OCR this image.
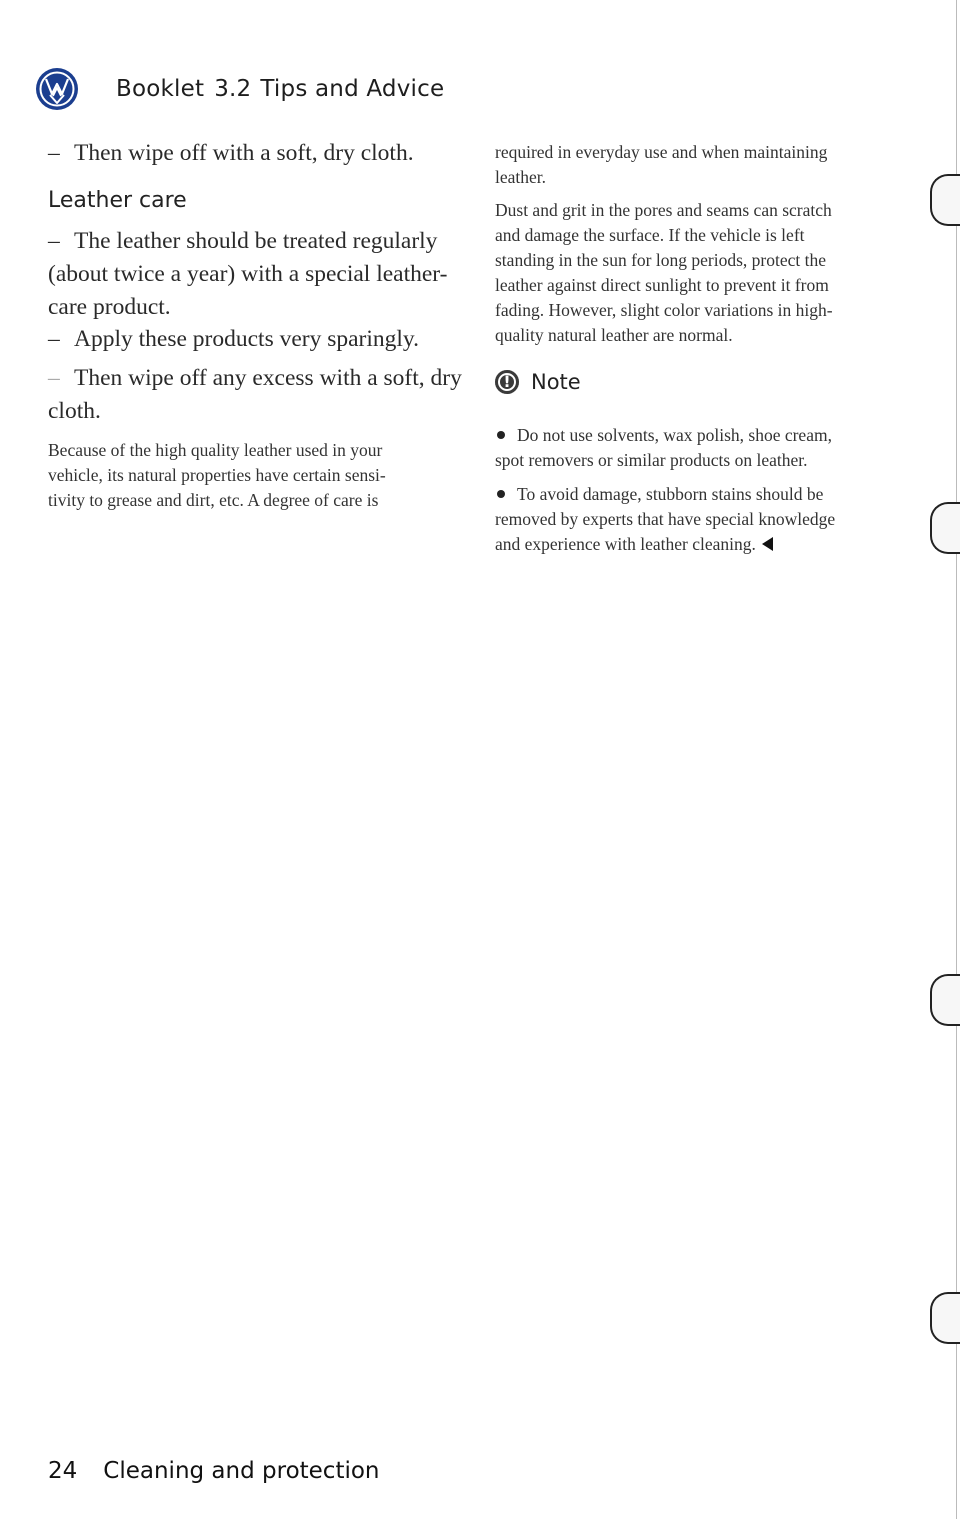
Booklet 3.2 Tips and Advice

– Then wipe off with a soft, dry cloth.

Leather care

– The leather should be treated regularly

(about twice a year) with a special leather-

care product.

– Apply these products very sparingly.

– Then wipe off any excess with a soft, dry

cloth.

Because of the high quality leather used in your

vehicle, its natural properties have certain sensi-

tivity to grease and dirt, etc. A degree of care is

required in everyday use and when maintaining

leather.

Dust and grit in the pores and seams can scratch

and damage the surface. If the vehicle is left

standing in the sun for long periods, protect the

leather against direct sunlight to prevent it from

fading. However, slight color variations in high-

quality natural leather are normal.

Do not use solvents, wax polish, shoe cream,

spot removers or similar products on leather.

To avoid damage, stubborn stains should be

removed by experts that have special knowledge

and experience with leather cleaning.

! Note
24 Cleaning and protection
